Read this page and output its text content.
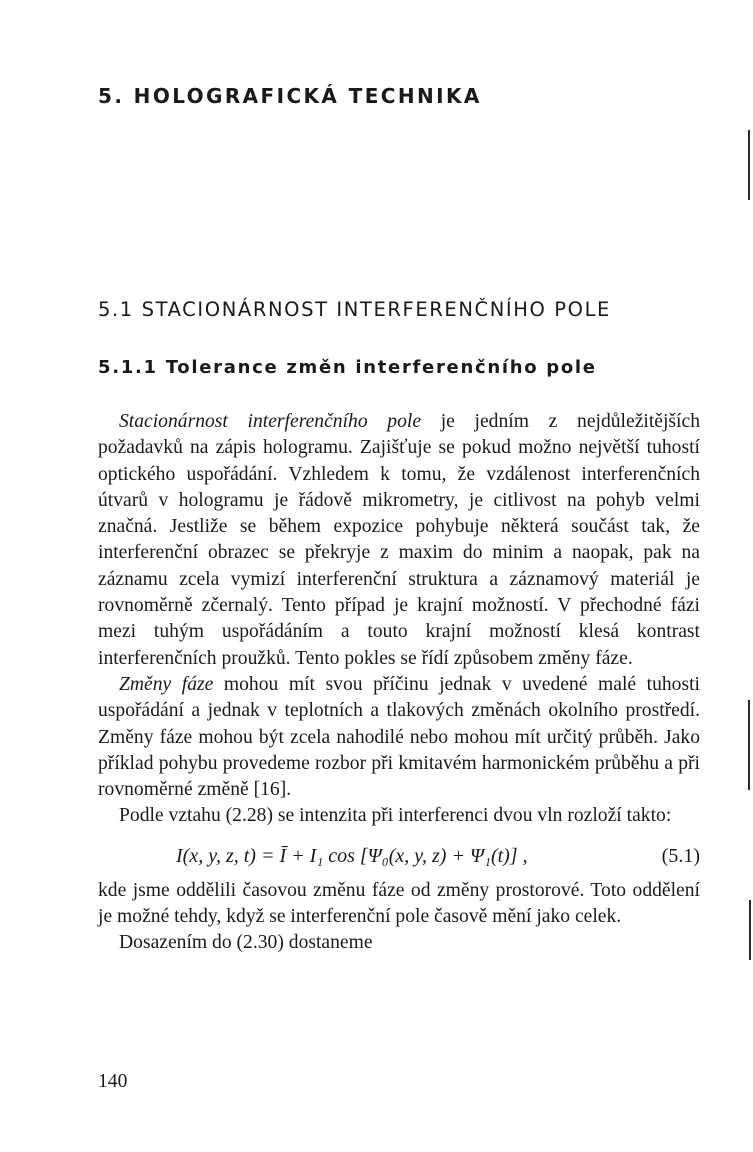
5. HOLOGRAFICKÁ TECHNIKA
5.1 STACIONÁRNOST INTERFERENČNÍHO POLE
5.1.1 Tolerance změn interferenčního pole

Stacionárnost interferenčního pole je jedním z nejdůležitějších požadavků na zápis hologramu. Zajišťuje se pokud možno největší tuhostí optického uspořádání. Vzhledem k tomu, že vzdálenost interferenčních útvarů v hologramu je řádově mikrometry, je citlivost na pohyb velmi značná. Jestliže se během expozice pohybuje některá součást tak, že interferenční obrazec se překryje z maxim do minim a naopak, pak na záznamu zcela vymizí interferenční struktura a záznamový materiál je rovnoměrně zčernalý. Tento případ je krajní možností. V přechodné fázi mezi tuhým uspořádáním a touto krajní možností klesá kontrast interferenčních proužků. Tento pokles se řídí způsobem změny fáze.

Změny fáze mohou mít svou příčinu jednak v uvedené malé tuhosti uspořádání a jednak v teplotních a tlakových změnách okolního prostředí. Změny fáze mohou být zcela nahodilé nebo mohou mít určitý průběh. Jako příklad pohybu provedeme rozbor při kmitavém harmonickém průběhu a při rovnoměrné změně [16].

Podle vztahu (2.28) se intenzita při interferenci dvou vln rozloží takto:

I(x, y, z, t) = Ī + I₁ cos [Ψ₀(x, y, z) + Ψ₁(t)] ,	(5.1)

kde jsme oddělili časovou změnu fáze od změny prostorové. Toto oddělení je možné tehdy, když se interferenční pole časově mění jako celek.

Dosazením do (2.30) dostaneme

140
